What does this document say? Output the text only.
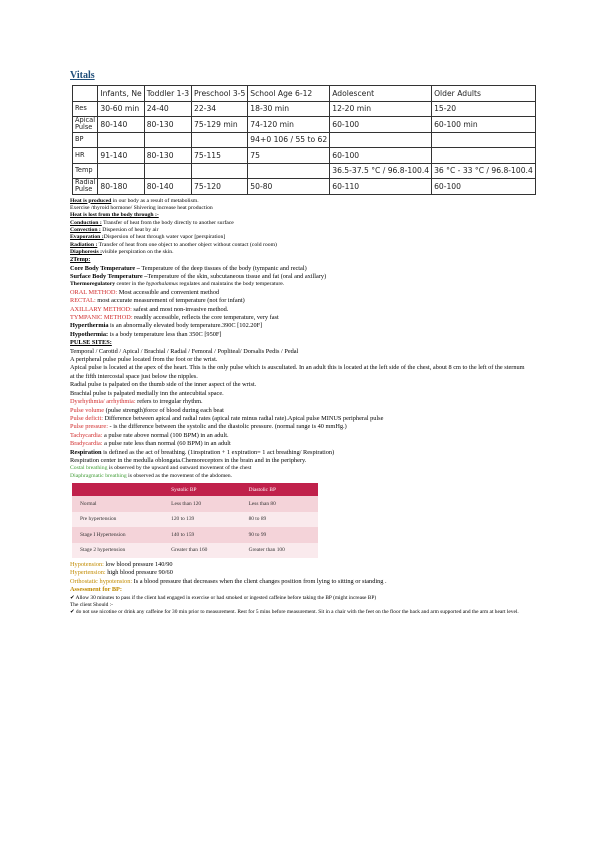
Vitals
	Infants, Ne	Toddler 1-3	Preschool 3-5	School Age 6-12	Adolescent	Older Adults
Res	30-60 min	24-40	22-34	18-30 min	12-20 min	15-20
Apical Pulse	80-140	80-130	75-129 min	74-120 min	60-100	60-100 min
BP				94+0 106 / 55 to 62		
HR	91-140	80-130	75-115	75	60-100	
Temp					36.5-37.5 °C / 96.8-100.4	36 °C - 33 °C / 96.8-100.4
Radial Pulse	80-180	80-140	75-120	50-80	60-110	60-100
Heat is produced in our body as a result of metabolism.
Exercise /thyroid hormone/ Shivering increase heat production
Heat is lost from the body through :-
Conduction : Transfer of heat from the body directly to another surface
Convection : Dispersion of heat by air
Evaporation :Dispersion of heat through water vapor [perspiration]
Radiation : Transfer of heat from one object to another object without contact (cold room)
Diaphoresis :visible perspiration on the skin.
2Temp:
Core Body Temperature – Temperature of the deep tissues of the body (tympanic and rectal)
Surface Body Temperature –Temperature of the skin, subcutaneous tissue and fat (oral and axillary)
Thermoregulatory center in the hypothalamus regulates and maintains the body temperature.
ORAL METHOD: Most accessible and convenient method
RECTAL: most accurate measurement of temperature (not for infant)
AXILLARY METHOD: safest and most non-invasive method.
TYMPANIC METHOD: readily accessible, reflects the core temperature, very fast
Hyperthermia is an abnormally elevated body temperature.390C [102.20F]
Hypothermia: is a body temperature less than 350C [950F]
PULSE SITES:
Temporal / Carotid / Apical / Brachial / Radial / Femoral / Popliteal/ Dorsalis Pedis / Pedal
A peripheral pulse pulse located from the foot or the wrist.
Apical pulse is located at the apex of the heart. This is the only pulse which is auscultated. In an adult this is located at the left side of the chest, about 8 cm to the left of the sternum at the fifth intercostal space just below the nipples.
Radial pulse is palpated on the thumb side of the inner aspect of the wrist.
Brachial pulse is palpated medially inn the antecubital space.
Dysrhythmia/ arrhythmia: refers to irregular rhythm.
Pulse volume (pulse strength)force of blood during each beat
Pulse deficit: Difference between apical and radial rates (apical rate minus radial rate).Apical pulse MINUS peripheral pulse
Pulse pressure: - is the difference between the systolic and the diastolic pressure. (normal range is 40 mmHg.)
Tachycardia: a pulse rate above normal (100 BPM) in an adult.
Bradycardia: a pulse rate less than normal (60 BPM) in an adult
Respiration is defined as the act of breathing. (1inspiration + 1 expiration= 1 act breathing/ Respiration)
Respiration center in the medulla oblongata.Chemoreceptors in the brain and in the periphery.
Costal breathing is observed by the upward and outward movement of the chest
Diaphragmatic breathing is observed as the movement of the abdomen.
	Systolic BP	Diastolic BP
Normal	Less than 120	Less than 80
Pre hypertension	120 to 139	80 to 89
Stage I Hypertension	140 to 159	90 to 99
Stage 2 hypertension	Greater than 160	Greater than 100
Hypotension: low blood pressure 140/90
Hypertension: high blood pressure 90/60
Orthostatic hypotension: Is a blood pressure that decreases when the client changes position from lying to sitting or standing .
Assessment for BP:
✔ Allow 30 minutes to pass if the client had engaged in exercise or had smoked or ingested caffeine before taking the BP (might increase BP)
The client Should :-
✔ do not use nicotine or drink any caffeine for 30 min prior to measurement. Rest for 5 mins before measurement. Sit in a chair with the feet on the floor the back and arm supported and the arm at heart level.
